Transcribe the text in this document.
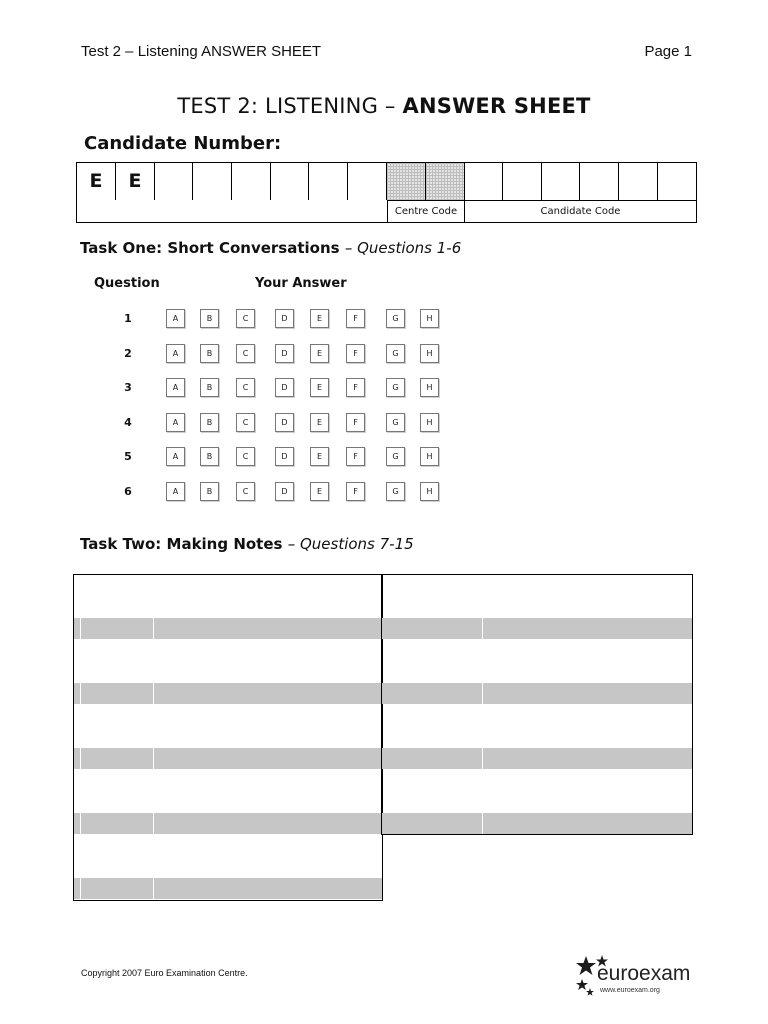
Test 2 – Listening ANSWER SHEET	Page 1
TEST 2: LISTENING – ANSWER SHEET
Candidate Number:
E	E
Centre Code	Candidate Code
Task One: Short Conversations – Questions 1-6
Question	Your Answer
1	A	B	C	D	E	F	G	H
2	A	B	C	D	E	F	G	H
3	A	B	C	D	E	F	G	H
4	A	B	C	D	E	F	G	H
5	A	B	C	D	E	F	G	H
6	A	B	C	D	E	F	G	H
Task Two: Making Notes – Questions 7-15
Copyright 2007 Euro Examination Centre.	euroexam
www.euroexam.org
